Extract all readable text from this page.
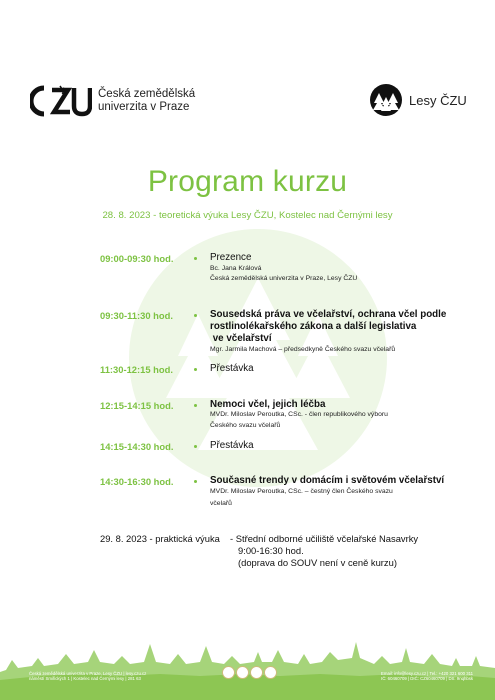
Česká zemědělská
univerzita v Praze	Lesy ČZU
Program kurzu
28. 8. 2023 - teoretická výuka Lesy ČZU, Kostelec nad Černými lesy
09:00-09:30 hod.	Prezence
Bc. Jana Králová
Česká zemědělská univerzita v Praze, Lesy ČZU
09:30-11:30 hod.	Sousedská práva ve včelařství, ochrana včel podle
rostlinolékařského zákona a další legislativa
ve včelařství
Mgr. Jarmila Machová – předsedkyně Českého svazu včelařů
11:30-12:15 hod.	Přestávka
12:15-14:15 hod.	Nemoci včel, jejich léčba
MVDr. Miloslav Peroutka, CSc. - člen republikového výboru
Českého svazu včelařů
14:15-14:30 hod.	Přestávka
14:30-16:30 hod.	Současné trendy v domácím i světovém včelařství
MVDr. Miloslav Peroutka, CSc. – čestný člen Českého svazu
včelařů
29. 8. 2023 - praktická výuka - Střední odborné učiliště včelařské Nasavrky
9:00-16:30 hod.
(doprava do SOUV není v ceně kurzu)
Česká zemědělská univerzita v Praze, Lesy ČZU | lesy.czu.cz
náměstí Smiřických 1 | Kostelec nad Černými lesy | 281 63
Email: info@lesy.czu.cz | Tel.: +420 321 600 311
IČ: 60460709 | DIČ: CZ60460709 | DS: 9nqhbsk
